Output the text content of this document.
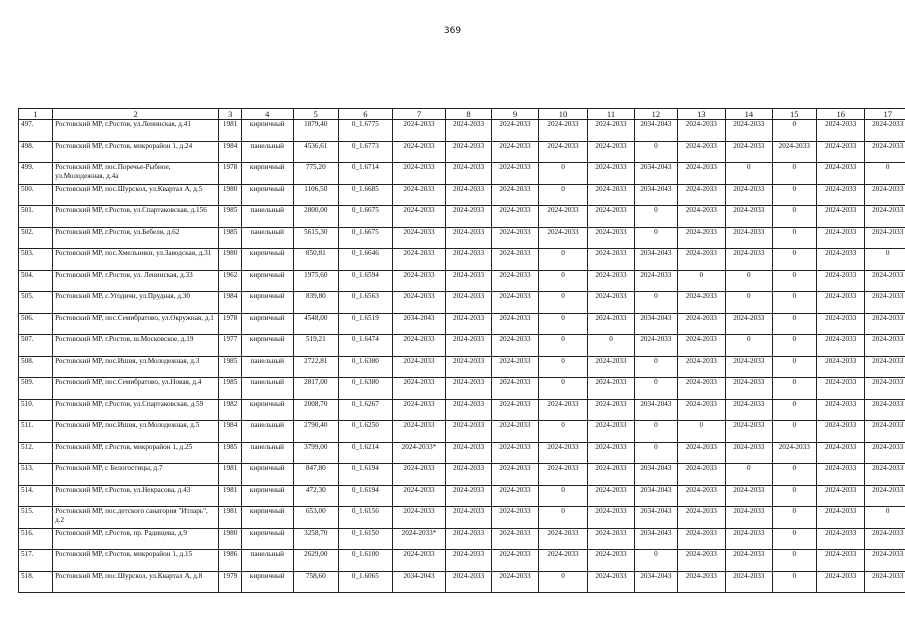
369
1	2	3	4	5	6	7	8	9	10	11	12	13	14	15	16	17
497.	Ростовский МР, г.Ростов, ул.Ленинская, д.41	1981	кирпичный	1879,40	0_1.6775	2024-2033	2024-2033	2024-2033	2024-2033	2024-2033	2034-2043	2024-2033	2024-2033	0	2024-2033	2024-2033
498.	Ростовский МР, г.Ростов, микрорайон 1, д.24	1984	панельный	4536,61	0_1.6773	2024-2033	2024-2033	2024-2033	2024-2033	2024-2033	0	2024-2033	2024-2033	2024-2033	2024-2033	2024-2033
499.	Ростовский МР, пос.Поречье-Рыбное, ул.Молодежная, д.4а	1978	кирпичный	775,20	0_1.6714	2024-2033	2024-2033	2024-2033	0	2024-2033	2034-2043	2024-2033	0	0	2024-2033	0
500.	Ростовский МР, пос.Шурскол, ул.Квартал А, д.5	1980	кирпичный	1106,50	0_1.6685	2024-2033	2024-2033	2024-2033	0	2024-2033	2034-2043	2024-2033	2024-2033	0	2024-2033	2024-2033
501.	Ростовский МР, г.Ростов, ул.Спартаковская, д.156	1985	панельный	2800,00	0_1.6675	2024-2033	2024-2033	2024-2033	2024-2033	2024-2033	0	2024-2033	2024-2033	0	2024-2033	2024-2033
502.	Ростовский МР, г.Ростов, ул.Бебеля, д.62	1985	панельный	5615,30	0_1.6675	2024-2033	2024-2033	2024-2033	2024-2033	2024-2033	0	2024-2033	2024-2033	0	2024-2033	2024-2033
503.	Ростовский МР, пос.Хмельники, ул.Заводская, д.31	1980	кирпичный	850,81	0_1.6646	2024-2033	2024-2033	2024-2033	0	2024-2033	2034-2043	2024-2033	2024-2033	0	2024-2033	0
504.	Ростовский МР, г.Ростов, ул. Ленинская, д.33	1962	кирпичный	1975,60	0_1.6594	2024-2033	2024-2033	2024-2033	0	2024-2033	2024-2033	0	0	0	2024-2033	2024-2033
505.	Ростовский МР, с.Угодичи, ул.Прудная, д.30	1984	кирпичный	839,80	0_1.6563	2024-2033	2024-2033	2024-2033	0	2024-2033	0	2024-2033	0	0	2024-2033	2024-2033
506.	Ростовский МР, пос.Семибратово, ул.Окружная, д.1	1978	кирпичный	4548,00	0_1.6519	2034-2043	2024-2033	2024-2033	0	2024-2033	2034-2043	2024-2033	2024-2033	0	2024-2033	2024-2033
507.	Ростовский МР, г.Ростов, ш.Московское, д.19	1977	кирпичный	519,21	0_1.6474	2024-2033	2024-2033	2024-2033	0	0	2024-2033	2024-2033	0	0	2024-2033	2024-2033
508.	Ростовский МР, пос.Ишня, ул.Молодежная, д.3	1985	панельный	2722,81	0_1.6380	2024-2033	2024-2033	2024-2033	0	2024-2033	0	2024-2033	2024-2033	0	2024-2033	2024-2033
509.	Ростовский МР, пос.Семибратово, ул.Новая, д.4	1985	панельный	2817,00	0_1.6380	2024-2033	2024-2033	2024-2033	0	2024-2033	0	2024-2033	2024-2033	0	2024-2033	2024-2033
510.	Ростовский МР, г.Ростов, ул.Спартаковская, д.59	1982	кирпичный	2008,70	0_1.6267	2024-2033	2024-2033	2024-2033	2024-2033	2024-2033	2034-2043	2024-2033	2024-2033	0	2024-2033	2024-2033
511.	Ростовский МР, пос.Ишня, ул.Молодежная, д.5	1984	панельный	2790,40	0_1.6250	2024-2033	2024-2033	2024-2033	0	2024-2033	0	0	2024-2033	0	2024-2033	2024-2033
512.	Ростовский МР, г.Ростов, микрорайон 1, д.25	1985	панельный	3799,00	0_1.6214	2024-2033*	2024-2033	2024-2033	2024-2033	2024-2033	0	2024-2033	2024-2033	2024-2033	2024-2033	2024-2033
513.	Ростовский МР, с Белогостицы, д.7	1981	кирпичный	847,80	0_1.6194	2024-2033	2024-2033	2024-2033	2024-2033	2024-2033	2034-2043	2024-2033	0	0	2024-2033	2024-2033
514.	Ростовский МР, г.Ростов, ул.Некрасова, д.43	1981	кирпичный	472,30	0_1.6194	2024-2033	2024-2033	2024-2033	0	2024-2033	2034-2043	2024-2033	2024-2033	0	2024-2033	2024-2033
515.	Ростовский МР, пос.детского санатория "Итларь", д.2	1981	кирпичный	653,00	0_1.6156	2024-2033	2024-2033	2024-2033	0	2024-2033	2034-2043	2024-2033	2024-2033	0	2024-2033	0
516.	Ростовский МР, г.Ростов, пр. Радищева, д.9	1980	кирпичный	3258,70	0_1.6150	2024-2033*	2024-2033	2024-2033	2024-2033	2024-2033	2034-2043	2024-2033	2024-2033	0	2024-2033	2024-2033
517.	Ростовский МР, г.Ростов, микрорайон 1, д.15	1986	панельный	2629,00	0_1.6100	2024-2033	2024-2033	2024-2033	2024-2033	2024-2033	0	2024-2033	2024-2033	0	2024-2033	2024-2033
518.	Ростовский МР, пос.Шурскол, ул.Квартал А, д.8	1979	кирпичный	758,60	0_1.6065	2034-2043	2024-2033	2024-2033	0	2024-2033	2034-2043	2024-2033	2024-2033	0	2024-2033	2024-2033
